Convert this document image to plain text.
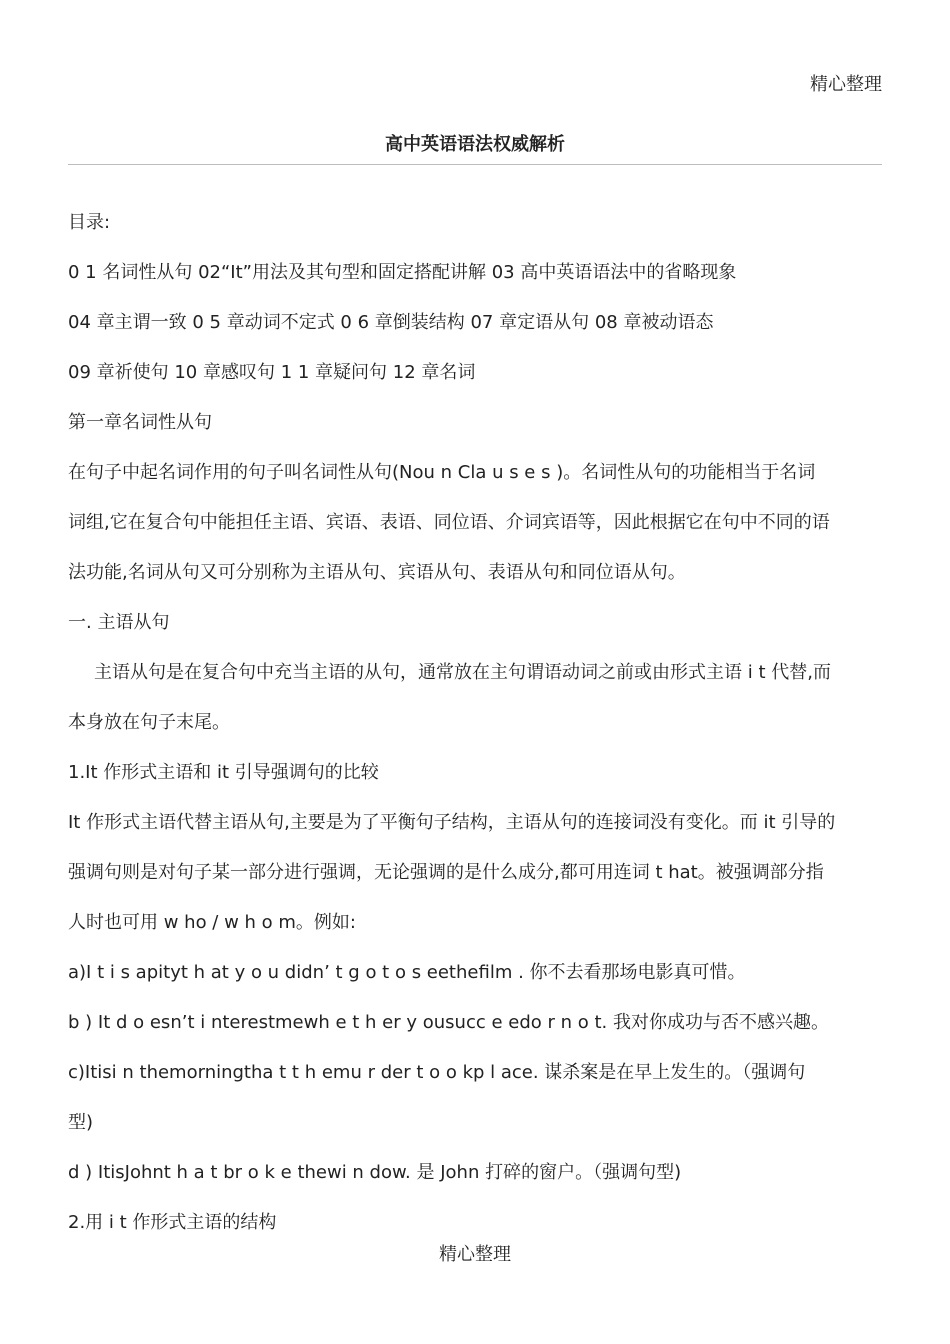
精心整理
高中英语语法权威解析
目录:
0 1 名词性从句 02“It”用法及其句型和固定搭配讲解 03 高中英语语法中的省略现象
04 章主谓一致 0 5 章动词不定式 0 6 章倒装结构 07 章定语从句 08 章被动语态
09 章祈使句 10 章感叹句 1 1 章疑问句 12 章名词
第一章名词性从句
在句子中起名词作用的句子叫名词性从句(Nou n Cla u s e s )。名词性从句的功能相当于名词
词组,它在复合句中能担任主语、宾语、表语、同位语、介词宾语等，因此根据它在句中不同的语
法功能,名词从句又可分别称为主语从句、宾语从句、表语从句和同位语从句。
一. 主语从句
主语从句是在复合句中充当主语的从句，通常放在主句谓语动词之前或由形式主语 i t 代替,而
本身放在句子末尾。
1.It 作形式主语和 it 引导强调句的比较
It 作形式主语代替主语从句,主要是为了平衡句子结构，主语从句的连接词没有变化。而 it 引导的
强调句则是对句子某一部分进行强调，无论强调的是什么成分,都可用连词 t hat。被强调部分指
人时也可用 w ho / w h o m。例如:
a)I t i s apityt h at y o u didn’ t g o t o s eethefilm . 你不去看那场电影真可惜。
b ) It d o esn’t i nterestmewh e t h er y ousucc e edo r n o t. 我对你成功与否不感兴趣。
c)Itisi n themorningtha t t h emu r der t o o kp l ace. 谋杀案是在早上发生的。（强调句
型)
d ) ItisJohnt h a t br o k e thewi n dow. 是 John 打碎的窗户。（强调句型)
2.用 i t 作形式主语的结构
精心整理
